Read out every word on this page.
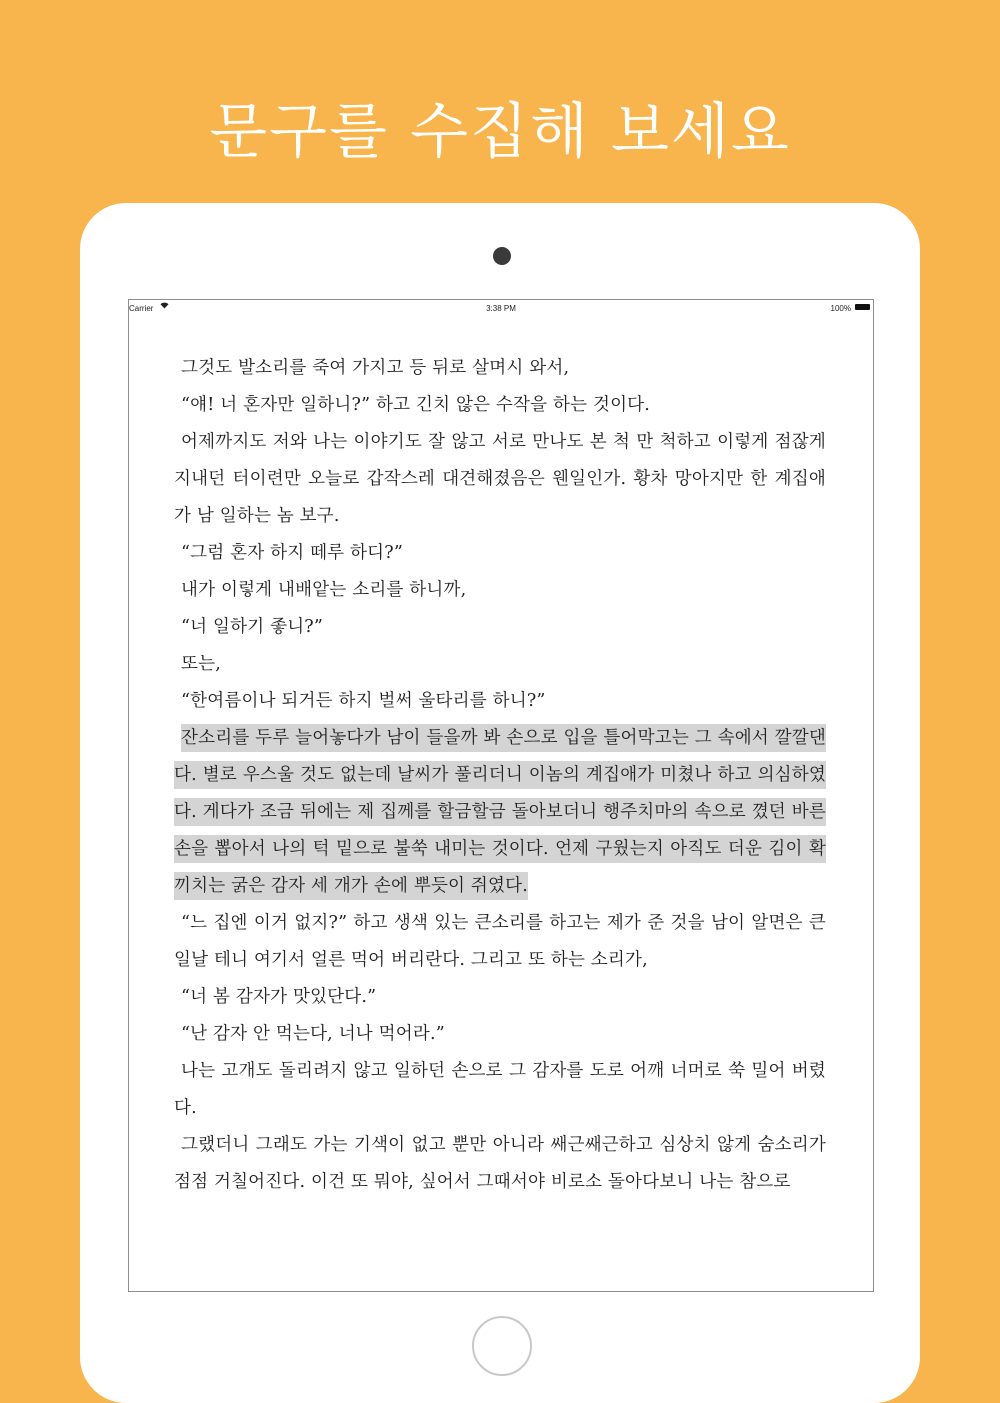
문구를 수집해 보세요
Carrier	3:38 PM	100%

그것도 발소리를 죽여 가지고 등 뒤로 살며시 와서,

“얘! 너 혼자만 일하니?” 하고 긴치 않은 수작을 하는 것이다.

어제까지도 저와 나는 이야기도 잘 않고 서로 만나도 본 척 만 척하고 이렇게 점잖게 지내던 터이련만 오늘로 갑작스레 대견해졌음은 웬일인가. 황차 망아지만 한 계집애가 남 일하는 놈 보구.

“그럼 혼자 하지 떼루 하디?”

내가 이렇게 내배앝는 소리를 하니까,

“너 일하기 좋니?”

또는,

“한여름이나 되거든 하지 벌써 울타리를 하니?”

잔소리를 두루 늘어놓다가 남이 들을까 봐 손으로 입을 틀어막고는 그 속에서 깔깔댄다. 별로 우스울 것도 없는데 날씨가 풀리더니 이놈의 계집애가 미쳤나 하고 의심하였다. 게다가 조금 뒤에는 제 집께를 할금할금 돌아보더니 행주치마의 속으로 꼈던 바른손을 뽑아서 나의 턱 밑으로 불쑥 내미는 것이다. 언제 구웠는지 아직도 더운 김이 확 끼치는 굵은 감자 세 개가 손에 뿌듯이 쥐였다.

“느 집엔 이거 없지?” 하고 생색 있는 큰소리를 하고는 제가 준 것을 남이 알면은 큰일날 테니 여기서 얼른 먹어 버리란다. 그리고 또 하는 소리가,

“너 봄 감자가 맛있단다.”

“난 감자 안 먹는다, 너나 먹어라.”

나는 고개도 돌리려지 않고 일하던 손으로 그 감자를 도로 어깨 너머로 쑥 밀어 버렸다.

그랬더니 그래도 가는 기색이 없고 뿐만 아니라 쌔근쌔근하고 심상치 않게 숨소리가 점점 거칠어진다. 이건 또 뭐야, 싶어서 그때서야 비로소 돌아다보니 나는 참으로
